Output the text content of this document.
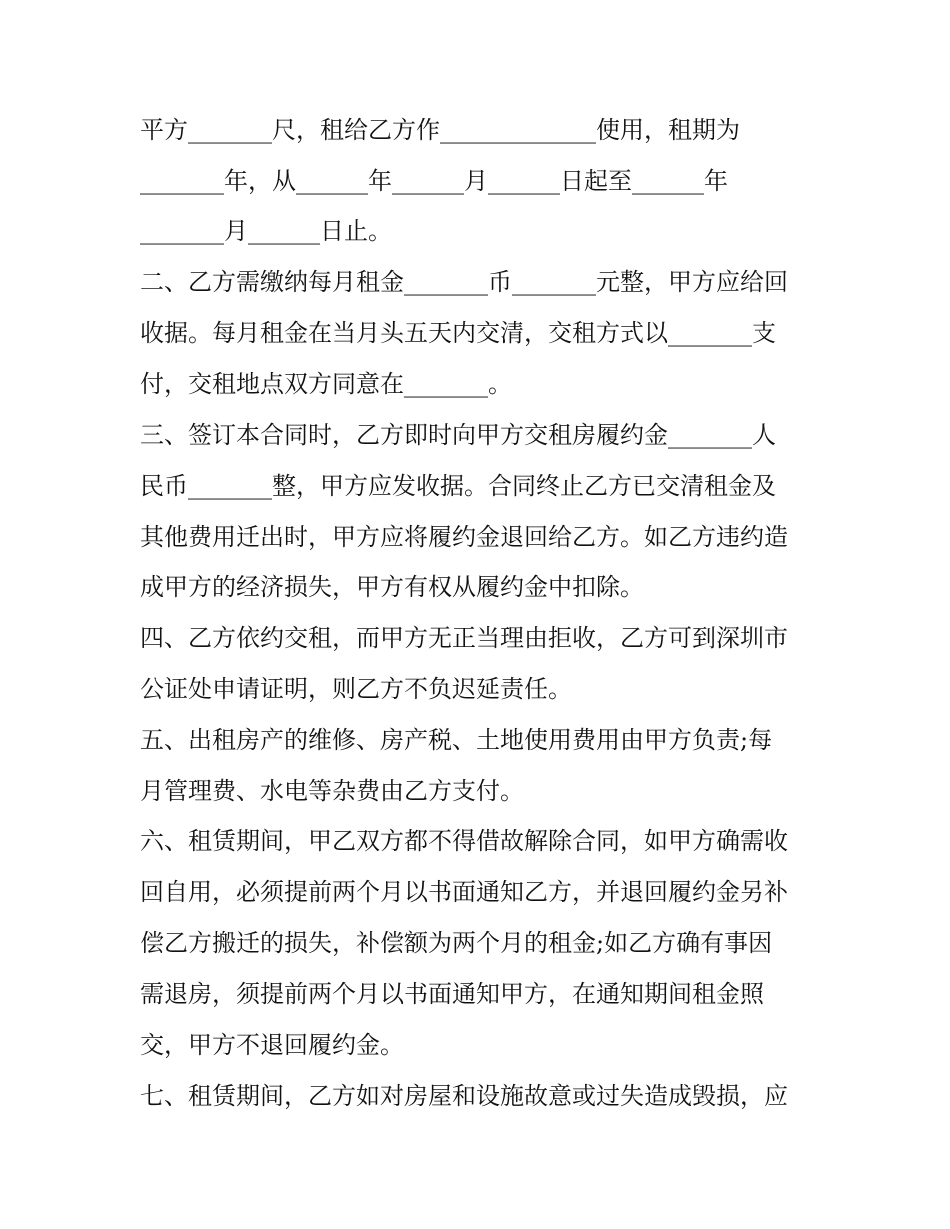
平方_______尺，租给乙方作_____________使用，租期为
_______年，从______年______月______日起至______年
_______月______日止。
二、乙方需缴纳每月租金_______币_______元整，甲方应给回
收据。每月租金在当月头五天内交清，交租方式以_______支
付，交租地点双方同意在_______。
三、签订本合同时，乙方即时向甲方交租房履约金_______人
民币_______整，甲方应发收据。合同终止乙方已交清租金及
其他费用迁出时，甲方应将履约金退回给乙方。如乙方违约造
成甲方的经济损失，甲方有权从履约金中扣除。
四、乙方依约交租，而甲方无正当理由拒收，乙方可到深圳市
公证处申请证明，则乙方不负迟延责任。
五、出租房产的维修、房产税、土地使用费用由甲方负责;每
月管理费、水电等杂费由乙方支付。
六、租赁期间，甲乙双方都不得借故解除合同，如甲方确需收
回自用，必须提前两个月以书面通知乙方，并退回履约金另补
偿乙方搬迁的损失，补偿额为两个月的租金;如乙方确有事因
需退房，须提前两个月以书面通知甲方，在通知期间租金照
交，甲方不退回履约金。
七、租赁期间，乙方如对房屋和设施故意或过失造成毁损，应
